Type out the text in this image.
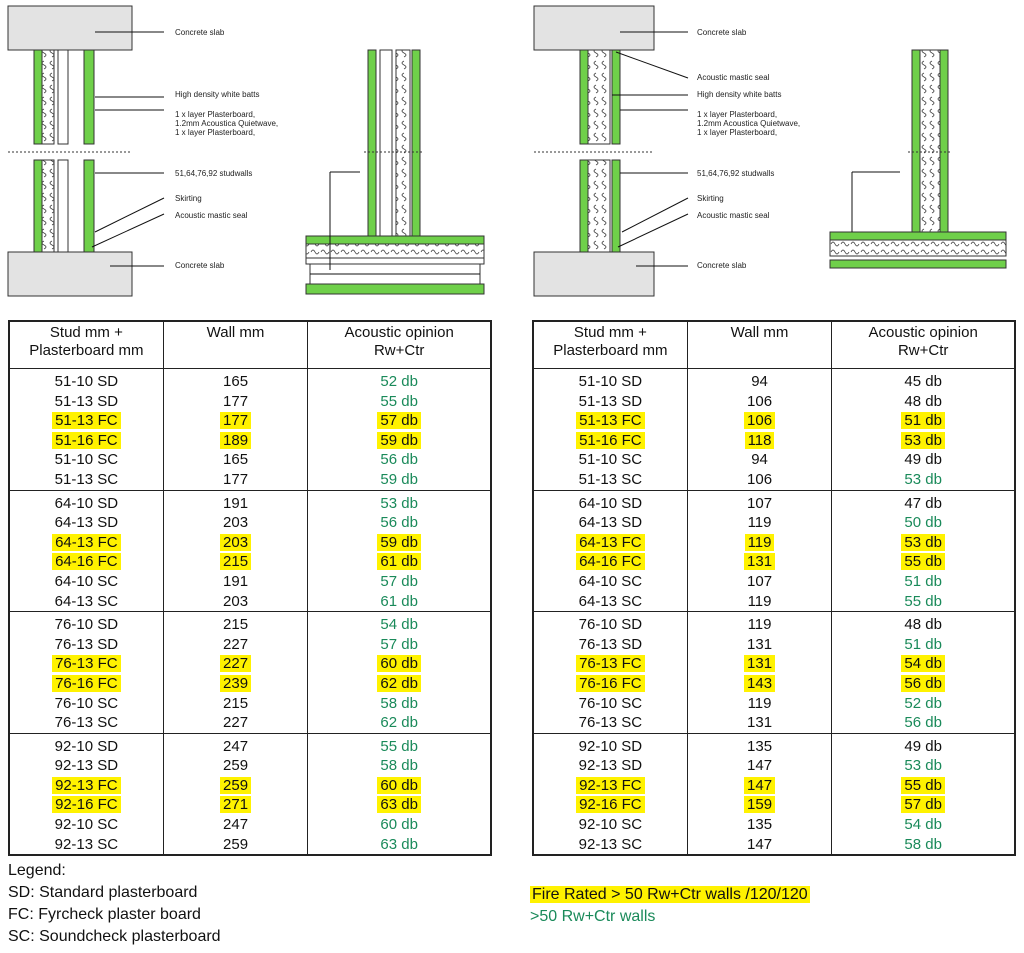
Concrete slab
High density white batts
1 x layer Plasterboard,
1.2mm Acoustica Quietwave,
1 x layer Plasterboard,
51,64,76,92 studwalls
Skirting
Acoustic mastic seal
Concrete slab
Concrete slab
Acoustic mastic seal
High density white batts
1 x layer Plasterboard,
1.2mm Acoustica Quietwave,
1 x layer Plasterboard,
51,64,76,92 studwalls
Skirting
Acoustic mastic seal
Concrete slab
Stud mm +
Plasterboard mm	Wall mm	Acoustic opinion
Rw+Ctr
51-10 SD	165	52 db
51-13 SD	177	55 db
51-13 FC	177	57 db
51-16 FC	189	59 db
51-10 SC	165	56 db
51-13 SC	177	59 db
64-10 SD	191	53 db
64-13 SD	203	56 db
64-13 FC	203	59 db
64-16 FC	215	61 db
64-10 SC	191	57 db
64-13 SC	203	61 db
76-10 SD	215	54 db
76-13 SD	227	57 db
76-13 FC	227	60 db
76-16 FC	239	62 db
76-10 SC	215	58 db
76-13 SC	227	62 db
92-10 SD	247	55 db
92-13 SD	259	58 db
92-13 FC	259	60 db
92-16 FC	271	63 db
92-10 SC	247	60 db
92-13 SC	259	63 db
Stud mm +
Plasterboard mm	Wall mm	Acoustic opinion
Rw+Ctr
51-10 SD	94	45 db
51-13 SD	106	48 db
51-13 FC	106	51 db
51-16 FC	118	53 db
51-10 SC	94	49 db
51-13 SC	106	53 db
64-10 SD	107	47 db
64-13 SD	119	50 db
64-13 FC	119	53 db
64-16 FC	131	55 db
64-10 SC	107	51 db
64-13 SC	119	55 db
76-10 SD	119	48 db
76-13 SD	131	51 db
76-13 FC	131	54 db
76-16 FC	143	56 db
76-10 SC	119	52 db
76-13 SC	131	56 db
92-10 SD	135	49 db
92-13 SD	147	53 db
92-13 FC	147	55 db
92-16 FC	159	57 db
92-10 SC	135	54 db
92-13 SC	147	58 db
Legend:
SD: Standard plasterboard
FC: Fyrcheck plaster board
SC: Soundcheck plasterboard
Fire Rated > 50 Rw+Ctr walls /120/120
>50 Rw+Ctr walls
